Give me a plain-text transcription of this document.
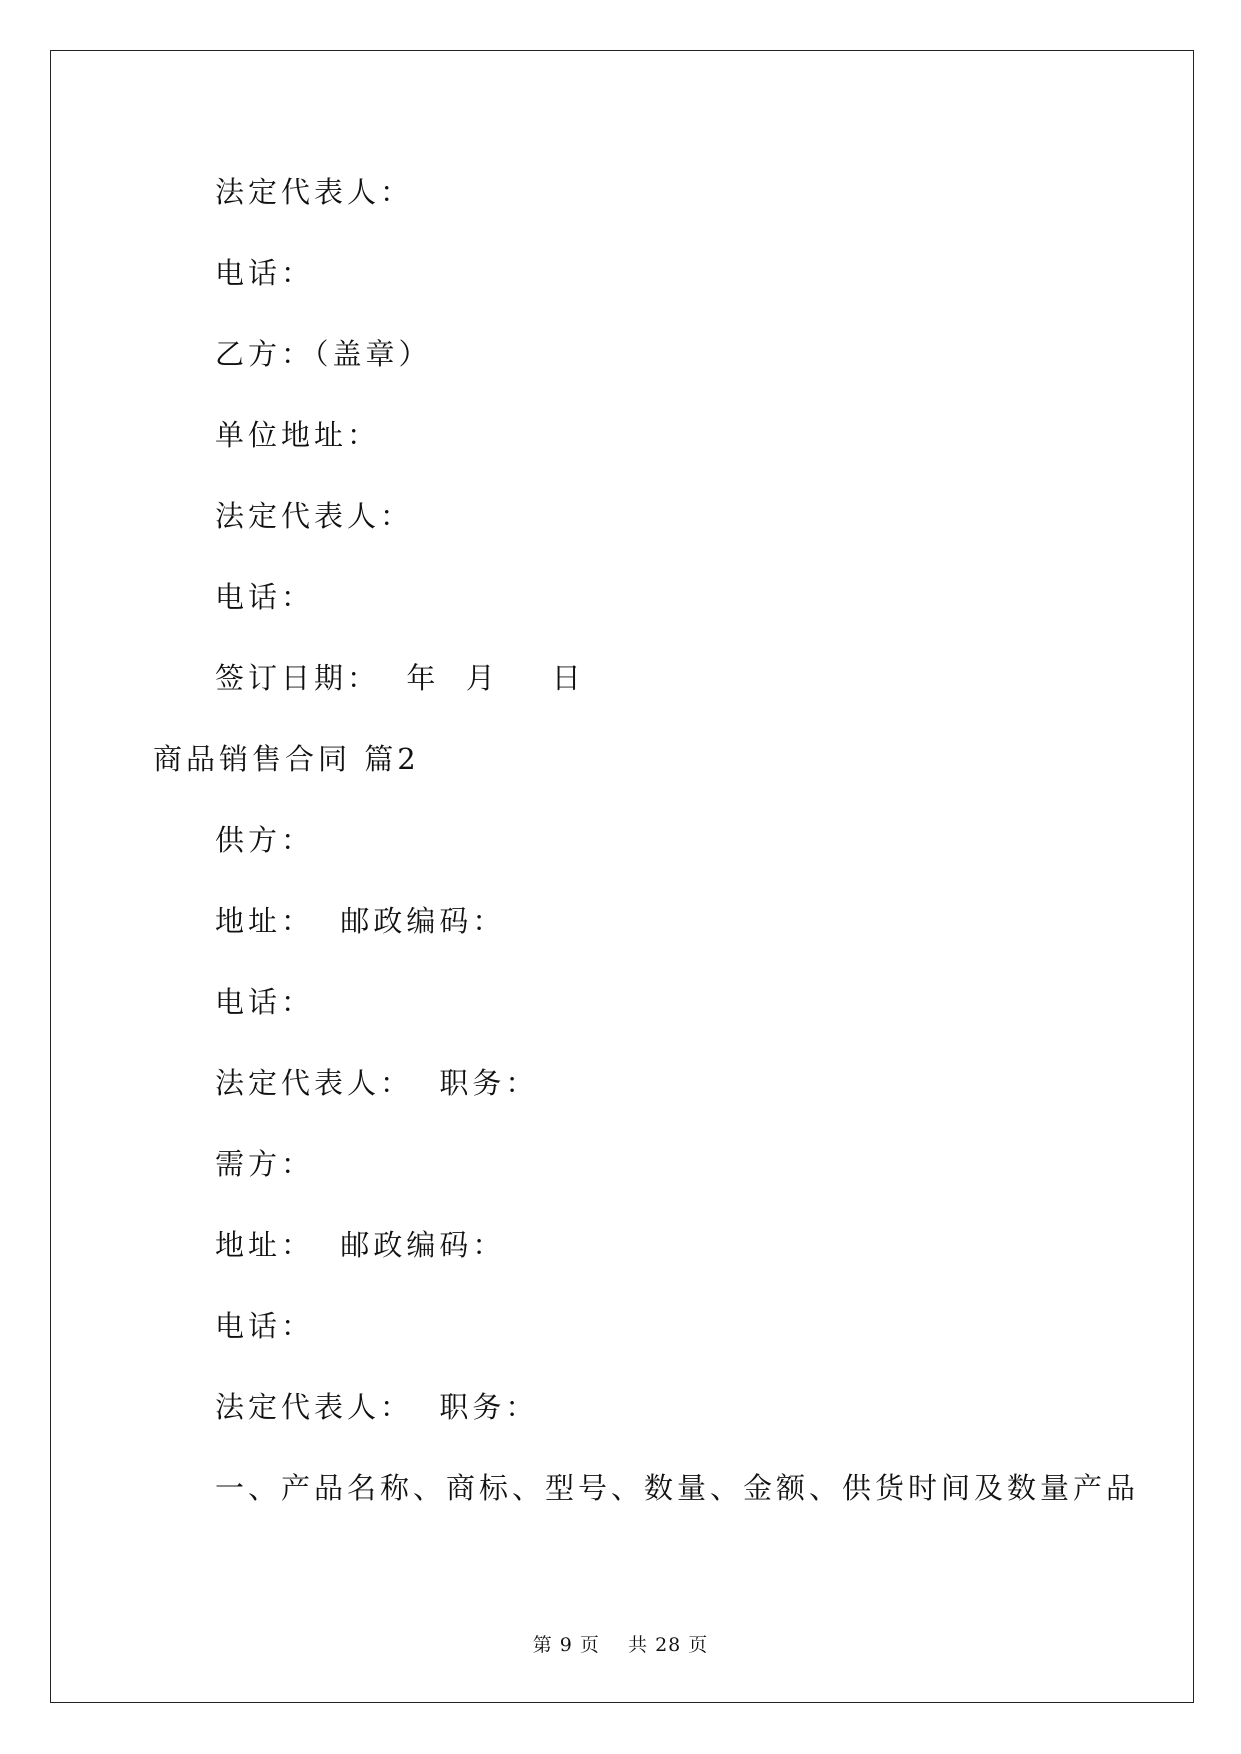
法定代表人：
电话：
乙方：（盖章）
单位地址：
法定代表人：
电话：
签订日期：  年  月    日
商品销售合同 篇2
供方：
地址：  邮政编码：
电话：
法定代表人：  职务：
需方：
地址：  邮政编码：
电话：
法定代表人：  职务：
一、产品名称、商标、型号、数量、金额、供货时间及数量产品
第 9 页    共 28 页
